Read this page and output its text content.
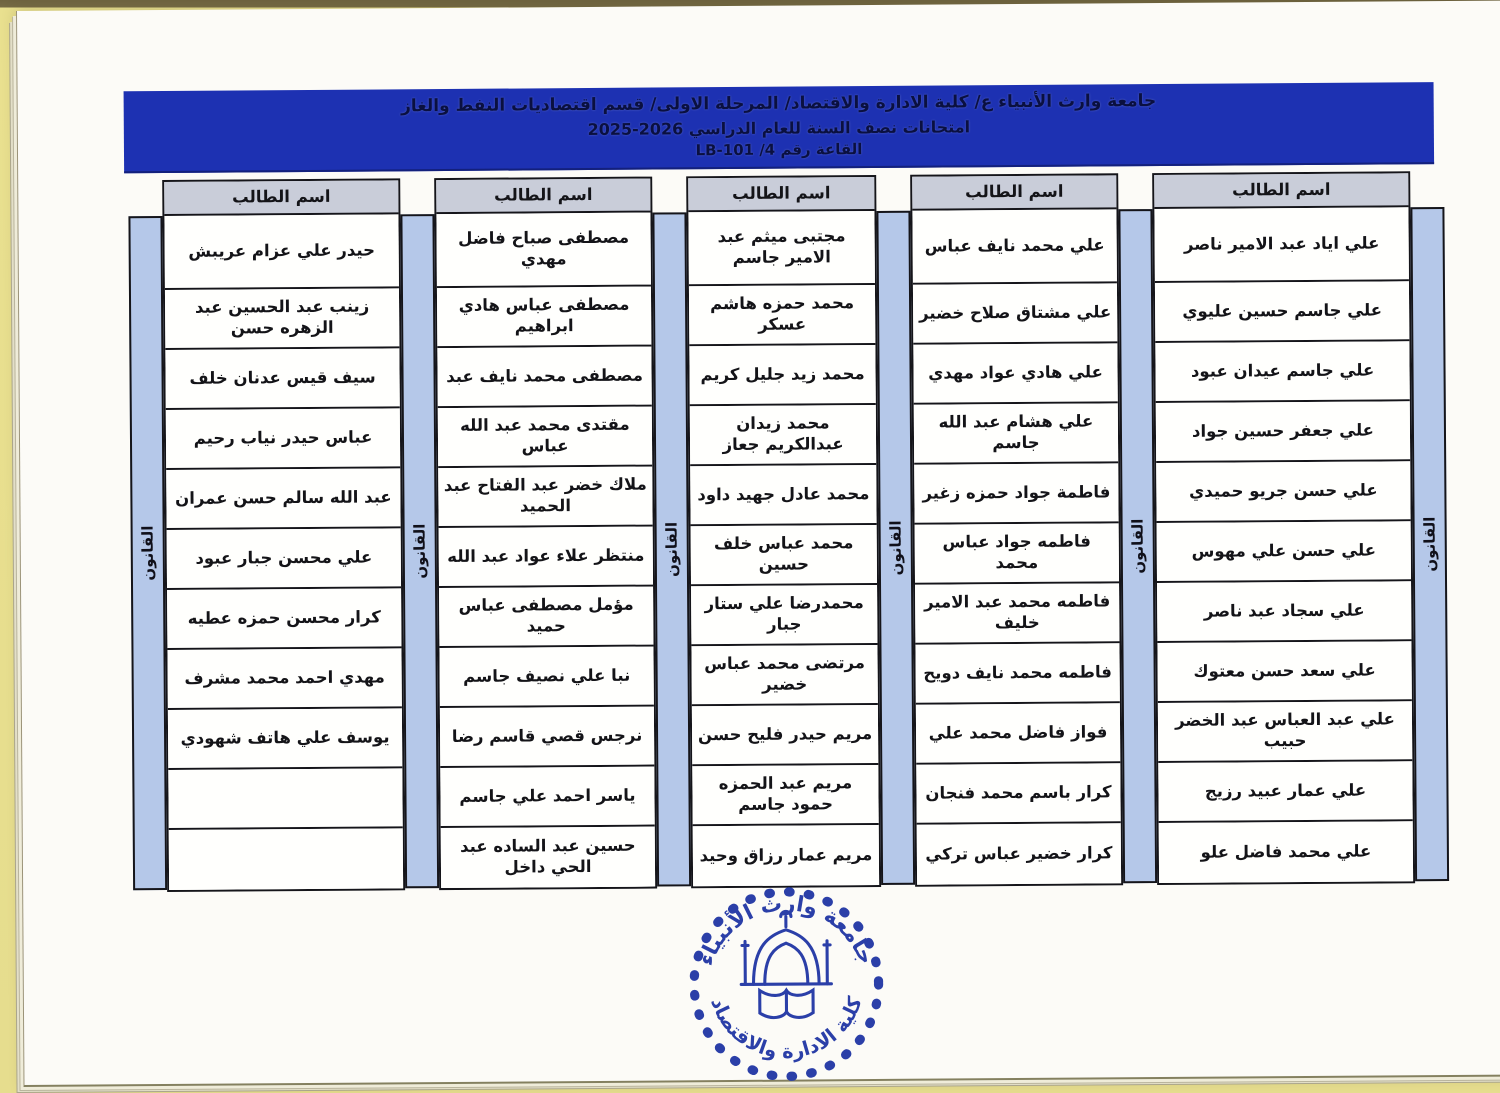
جامعة وارث الأنبياء ع/ كلية الادارة والاقتصاد/ المرحلة الاولى/ قسم اقتصاديات النفط والغاز
امتحانات نصف السنة للعام الدراسي 2026-2025
القاعة رقم 4/ LB-101
القانون
اسم الطالب
علي اياد عبد الامير ناصر
علي جاسم حسين عليوي
علي جاسم عيدان عبود
علي جعفر حسين جواد
علي حسن جريو حميدي
علي حسن علي مهوس
علي سجاد عبد ناصر
علي سعد حسن معتوك
علي عبد العباس عبد الخضر حبيب
علي عمار عبيد رزيج
علي محمد فاضل علو
القانون
اسم الطالب
علي محمد نايف عباس
علي مشتاق صلاح خضير
علي هادي عواد مهدي
علي هشام عبد الله جاسم
فاطمة جواد حمزه زغير
فاطمه جواد عباس محمد
فاطمه محمد عبد الامير خليف
فاطمه محمد نايف دويح
فواز فاضل محمد علي
كرار باسم محمد فنجان
كرار خضير عباس تركي
القانون
اسم الطالب
مجتبى ميثم عبد الامير جاسم
محمد حمزه هاشم عسكر
محمد زيد جليل كريم
محمد زيدان عبدالكريم جعاز
محمد عادل جهيد داود
محمد عباس خلف حسين
محمدرضا علي ستار جبار
مرتضى محمد عباس خضير
مريم حيدر فليح حسن
مريم عبد الحمزه حمود جاسم
مريم عمار رزاق وحيد
القانون
اسم الطالب
مصطفى صباح فاضل مهدي
مصطفى عباس هادي ابراهيم
مصطفى محمد نايف عبد
مقتدى محمد عبد الله عباس
ملاك خضر عبد الفتاح عبد الحميد
منتظر علاء عواد عبد الله
مؤمل مصطفى عباس حميد
نبا علي نصيف جاسم
نرجس قصي قاسم رضا
ياسر احمد علي جاسم
حسين عبد الساده عبد الحي داخل
القانون
اسم الطالب
حيدر علي عزام عريبش
زينب عبد الحسين عبد الزهره حسن
سيف قيس عدنان خلف
عباس حيدر نياب رحيم
عبد الله سالم حسن عمران
علي محسن جبار عبود
كرار محسن حمزه عطيه
مهدي احمد محمد مشرف
يوسف علي هاتف شهودي
القانون
جامعة وارث الأنبياء
كلية الادارة والاقتصاد
